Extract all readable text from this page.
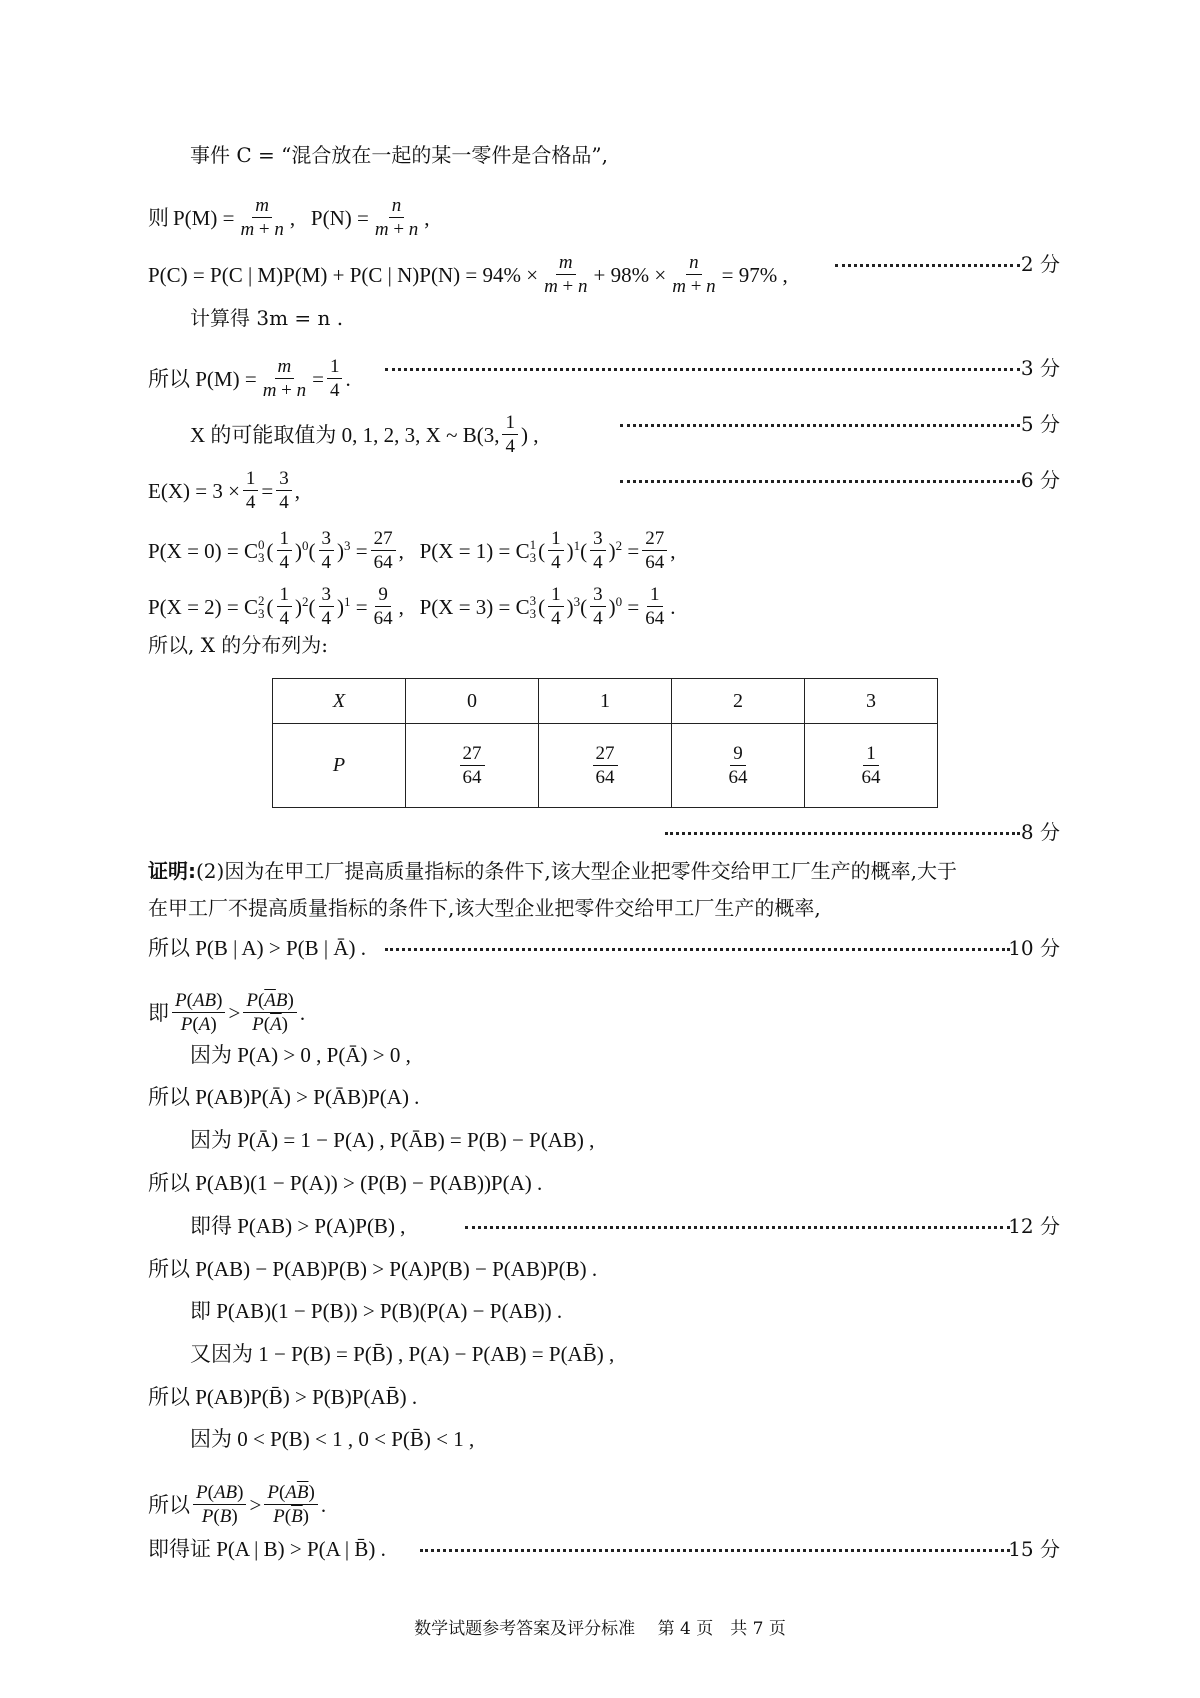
事件 C = “混合放在一起的某一零件是合格品”,
则 $P(M) = \frac{m}{m + n}$ , $P(N) = \frac{n}{m + n}$ ,
P(C) = P(C | M)P(M) + P(C | $N)P(N) = 94\% \times \frac{m}{m + n} + 98\% \times \frac{n}{m + n} = 97\%$ ,	2 分
计算得 3m = n .
所以 $P(M) = \frac{m}{m + n} = \frac{1}{4}$ .	3 分
X 的可能取值为 0, 1, 2, 3, X ~ B(3, $\frac{1}{4}$ ) ,	5 分
$E(X) = 3 \times \frac{1}{4} = \frac{3}{4}$ ,	6 分
P(X = 0) = C 0
3 ( $\frac{1}{4} )^0( \frac{3}{4} )^3 = \frac{27}{64}$ , P(X = 1) = C 1
3 ( $\frac{1}{4} )^1( \frac{3}{4} )^2 = \frac{27}{64}$ ,
P(X = 2) = C 2
3 ( $\frac{1}{4} )^2( \frac{3}{4} )^1 = \frac{9}{64}$ , P(X = 3) = C 3
3 ( $\frac{1}{4} )^3( \frac{3}{4} )^0 = \frac{1}{64}$ .
所以, X 的分布列为:
X	0	1	2	3
P	$\frac{27}{64}$	$\frac{27}{64}$	$\frac{9}{64}$	$\frac{1}{64}$
8 分
证明: (2)因为在甲工厂提高质量指标的条件下,该大型企业把零件交给甲工厂生产的概率,大于
在甲工厂不提高质量指标的条件下,该大型企业把零件交给甲工厂生产的概率,
所以 P(B | A) > P(B | Ā) .	10 分
即 $\frac{P(AB)}{P(A)} > \frac{P(\overline{A}B)}{P(\overline{A})}$ .
因为 P(A) > 0 , P(Ā) > 0 ,
所以 P(AB)P(Ā) > P(ĀB)P(A) .
因为 P(Ā) = 1 − P(A) , P(ĀB) = P(B) − P(AB) ,
所以 P(AB)(1 − P(A)) > (P(B) − P(AB))P(A) .
即得 P(AB) > P(A)P(B) ,	12 分
所以 P(AB) − P(AB)P(B) > P(A)P(B) − P(AB)P(B) .
即 P(AB)(1 − P(B)) > P(B)(P(A) − P(AB)) .
又因为 1 − P(B) = P(B̄) , P(A) − P(AB) = P(AB̄) ,
所以 P(AB)P(B̄) > P(B)P(AB̄) .
因为 0 < P(B) < 1 , 0 < P(B̄) < 1 ,
所以 $\frac{P(AB)}{P(B)} > \frac{P(A\overline{B})}{P(\overline{B})}$ .
即得证 P(A | B) > P(A | B̄) .	15 分
数学试题参考答案及评分标准　 第 4 页　共 7 页
